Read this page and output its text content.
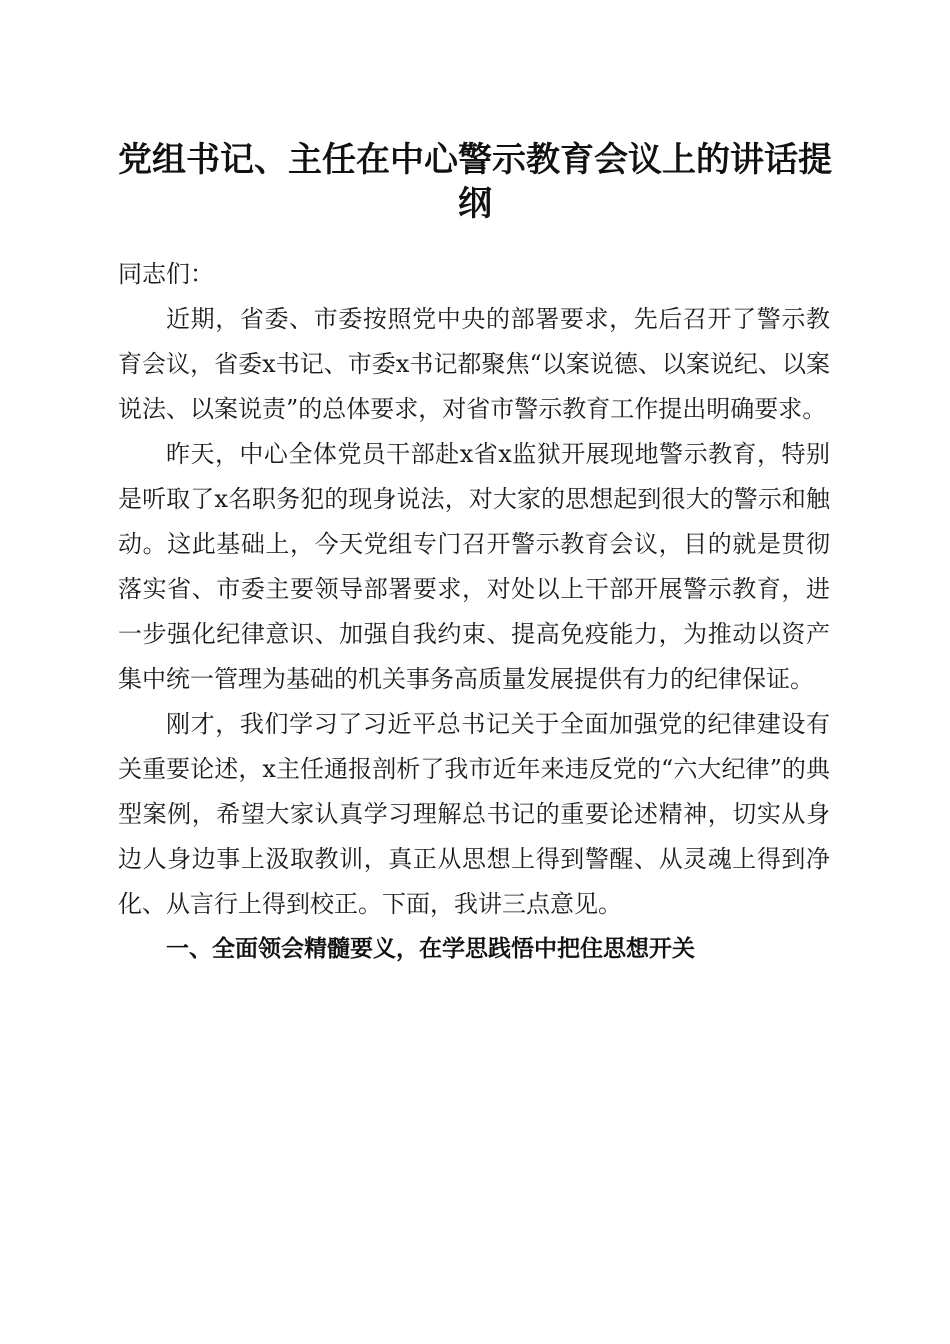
党组书记、主任在中心警示教育会议上的讲话提纲

同志们：

近期，省委、市委按照党中央的部署要求，先后召开了警示教育会议，省委x书记、市委x书记都聚焦“以案说德、以案说纪、以案说法、以案说责”的总体要求，对省市警示教育工作提出明确要求。

昨天，中心全体党员干部赴x省x监狱开展现地警示教育，特别是听取了x名职务犯的现身说法，对大家的思想起到很大的警示和触动。这此基础上，今天党组专门召开警示教育会议，目的就是贯彻落实省、市委主要领导部署要求，对处以上干部开展警示教育，进一步强化纪律意识、加强自我约束、提高免疫能力，为推动以资产集中统一管理为基础的机关事务高质量发展提供有力的纪律保证。

刚才，我们学习了习近平总书记关于全面加强党的纪律建设有关重要论述，x主任通报剖析了我市近年来违反党的“六大纪律”的典型案例，希望大家认真学习理解总书记的重要论述精神，切实从身边人身边事上汲取教训，真正从思想上得到警醒、从灵魂上得到净化、从言行上得到校正。下面，我讲三点意见。

一、全面领会精髓要义，在学思践悟中把住思想开关
